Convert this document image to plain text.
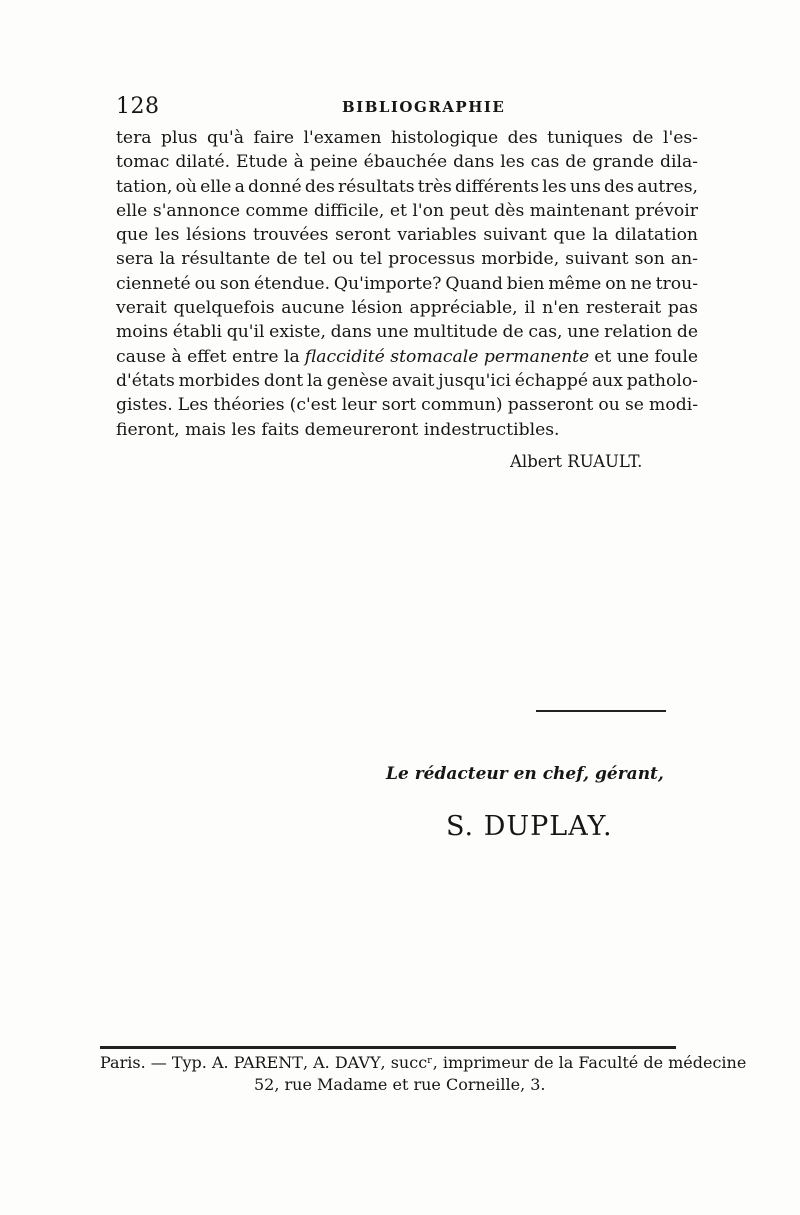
128	BIBLIOGRAPHIE
tera plus qu'à faire l'examen histologique des tuniques de l'es-
tomac dilaté. Etude à peine ébauchée dans les cas de grande dila-
tation, où elle a donné des résultats très différents les uns des autres,
elle s'annonce comme difficile, et l'on peut dès maintenant prévoir
que les lésions trouvées seront variables suivant que la dilatation
sera la résultante de tel ou tel processus morbide, suivant son an-
cienneté ou son étendue. Qu'importe? Quand bien même on ne trou-
verait quelquefois aucune lésion appréciable, il n'en resterait pas
moins établi qu'il existe, dans une multitude de cas, une relation de
cause à effet entre la flaccidité stomacale permanente et une foule
d'états morbides dont la genèse avait jusqu'ici échappé aux patholo-
gistes. Les théories (c'est leur sort commun) passeront ou se modi-
fieront, mais les faits demeureront indestructibles.
Albert RUAULT.
Le rédacteur en chef, gérant,
S. DUPLAY.
Paris. — Typ. A. PARENT, A. DAVY, succʳ, imprimeur de la Faculté de médecine
52, rue Madame et rue Corneille, 3.
